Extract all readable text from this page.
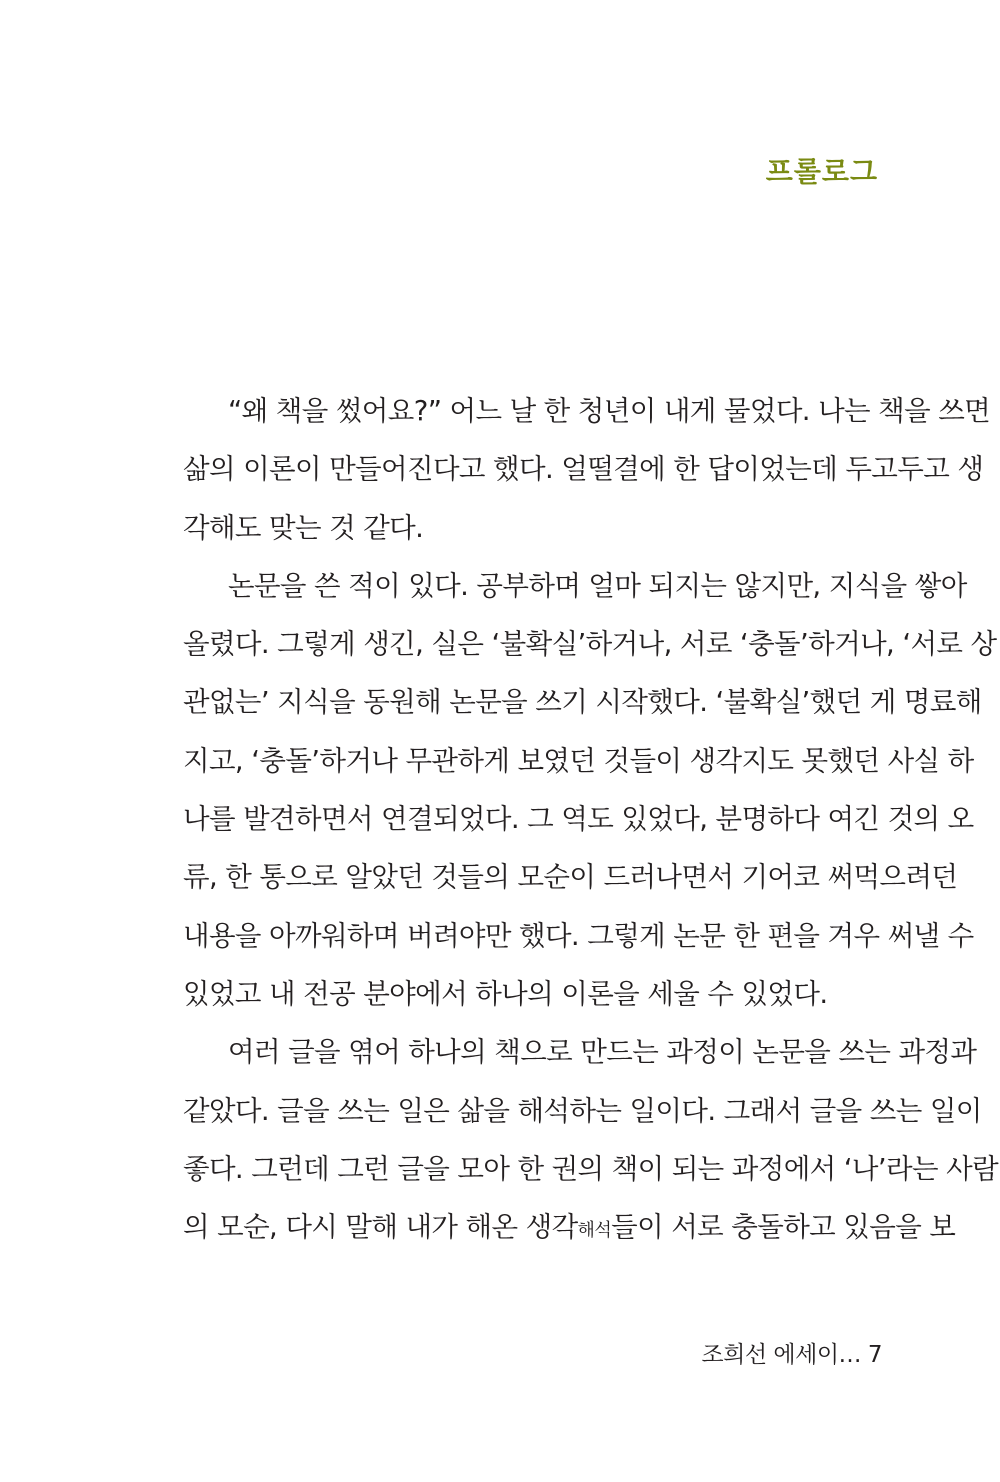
프롤로그
“왜 책을 썼어요?” 어느 날 한 청년이 내게 물었다. 나는 책을 쓰면
삶의 이론이 만들어진다고 했다. 얼떨결에 한 답이었는데 두고두고 생
각해도 맞는 것 같다.
논문을 쓴 적이 있다. 공부하며 얼마 되지는 않지만, 지식을 쌓아
올렸다. 그렇게 생긴, 실은 ‘불확실’하거나, 서로 ‘충돌’하거나, ‘서로 상
관없는’ 지식을 동원해 논문을 쓰기 시작했다. ‘불확실’했던 게 명료해
지고, ‘충돌’하거나 무관하게 보였던 것들이 생각지도 못했던 사실 하
나를 발견하면서 연결되었다. 그 역도 있었다, 분명하다 여긴 것의 오
류, 한 통으로 알았던 것들의 모순이 드러나면서 기어코 써먹으려던
내용을 아까워하며 버려야만 했다. 그렇게 논문 한 편을 겨우 써낼 수
있었고 내 전공 분야에서 하나의 이론을 세울 수 있었다.
여러 글을 엮어 하나의 책으로 만드는 과정이 논문을 쓰는 과정과
같았다. 글을 쓰는 일은 삶을 해석하는 일이다. 그래서 글을 쓰는 일이
좋다. 그런데 그런 글을 모아 한 권의 책이 되는 과정에서 ‘나’라는 사람
의 모순, 다시 말해 내가 해온 생각해석들이 서로 충돌하고 있음을 보
조희선 에세이… 7
